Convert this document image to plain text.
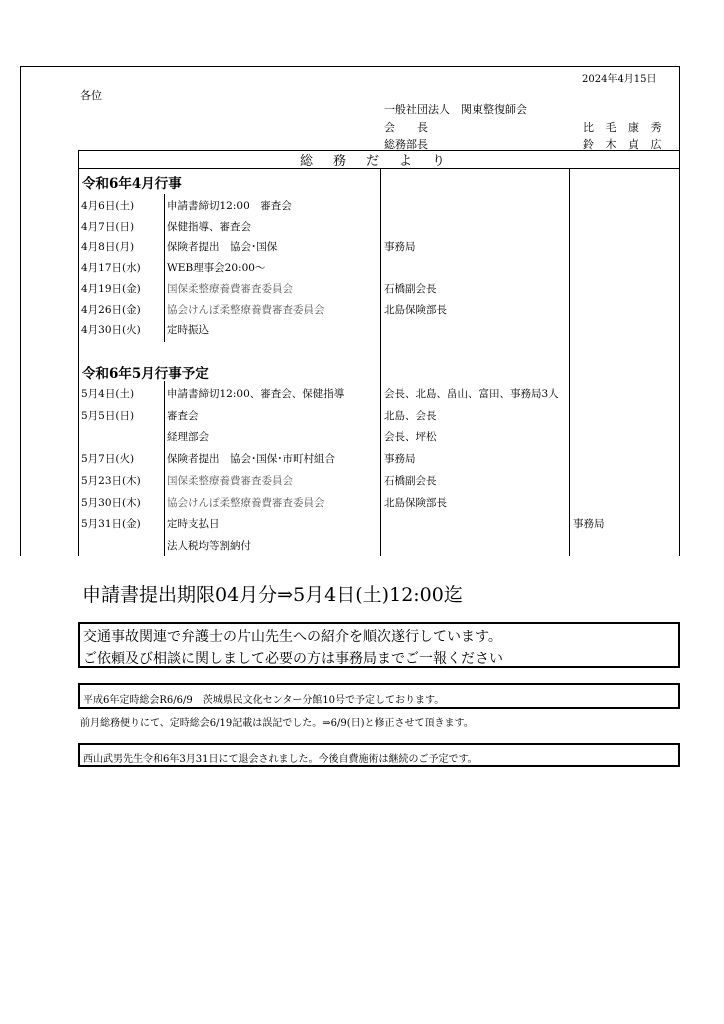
2024年4月15日
各位
一般社団法人　関東整復師会
会　　長	比 毛 康 秀
総務部長	鈴 木 貞 広
総務だより
令和6年4月行事
4月6日(土)	申請書締切12:00　審査会
4月7日(日)	保健指導、審査会
4月8日(月)	保険者提出　協会･国保	事務局
4月17日(水)	WEB理事会20:00～
4月19日(金)	国保柔整療養費審査委員会	石橋副会長
4月26日(金)	協会けんぽ柔整療養費審査委員会	北島保険部長
4月30日(火)	定時振込
令和6年5月行事予定
5月4日(土)	申請書締切12:00、審査会、保健指導	会長、北島、畠山、富田、事務局3人
5月5日(日)	審査会	北島、会長
経理部会	会長、坪松
5月7日(火)	保険者提出　協会･国保･市町村組合	事務局
5月23日(木)	国保柔整療養費審査委員会	石橋副会長
5月30日(木)	協会けんぽ柔整療養費審査委員会	北島保険部長
5月31日(金)	定時支払日	事務局
法人税均等割納付
申請書提出期限04月分⇒5月4日(土)12:00迄
交通事故関連で弁護士の片山先生への紹介を順次遂行しています。
ご依頼及び相談に関しまして必要の方は事務局までご一報ください
平成6年定時総会R6/6/9　茨城県民文化センター分館10号で予定しております。
前月総務便りにて、定時総会6/19記載は誤記でした。⇒6/9(日)と修正させて頂きます。
西山武男先生令和6年3月31日にて退会されました。今後自費施術は継続のご予定です。
